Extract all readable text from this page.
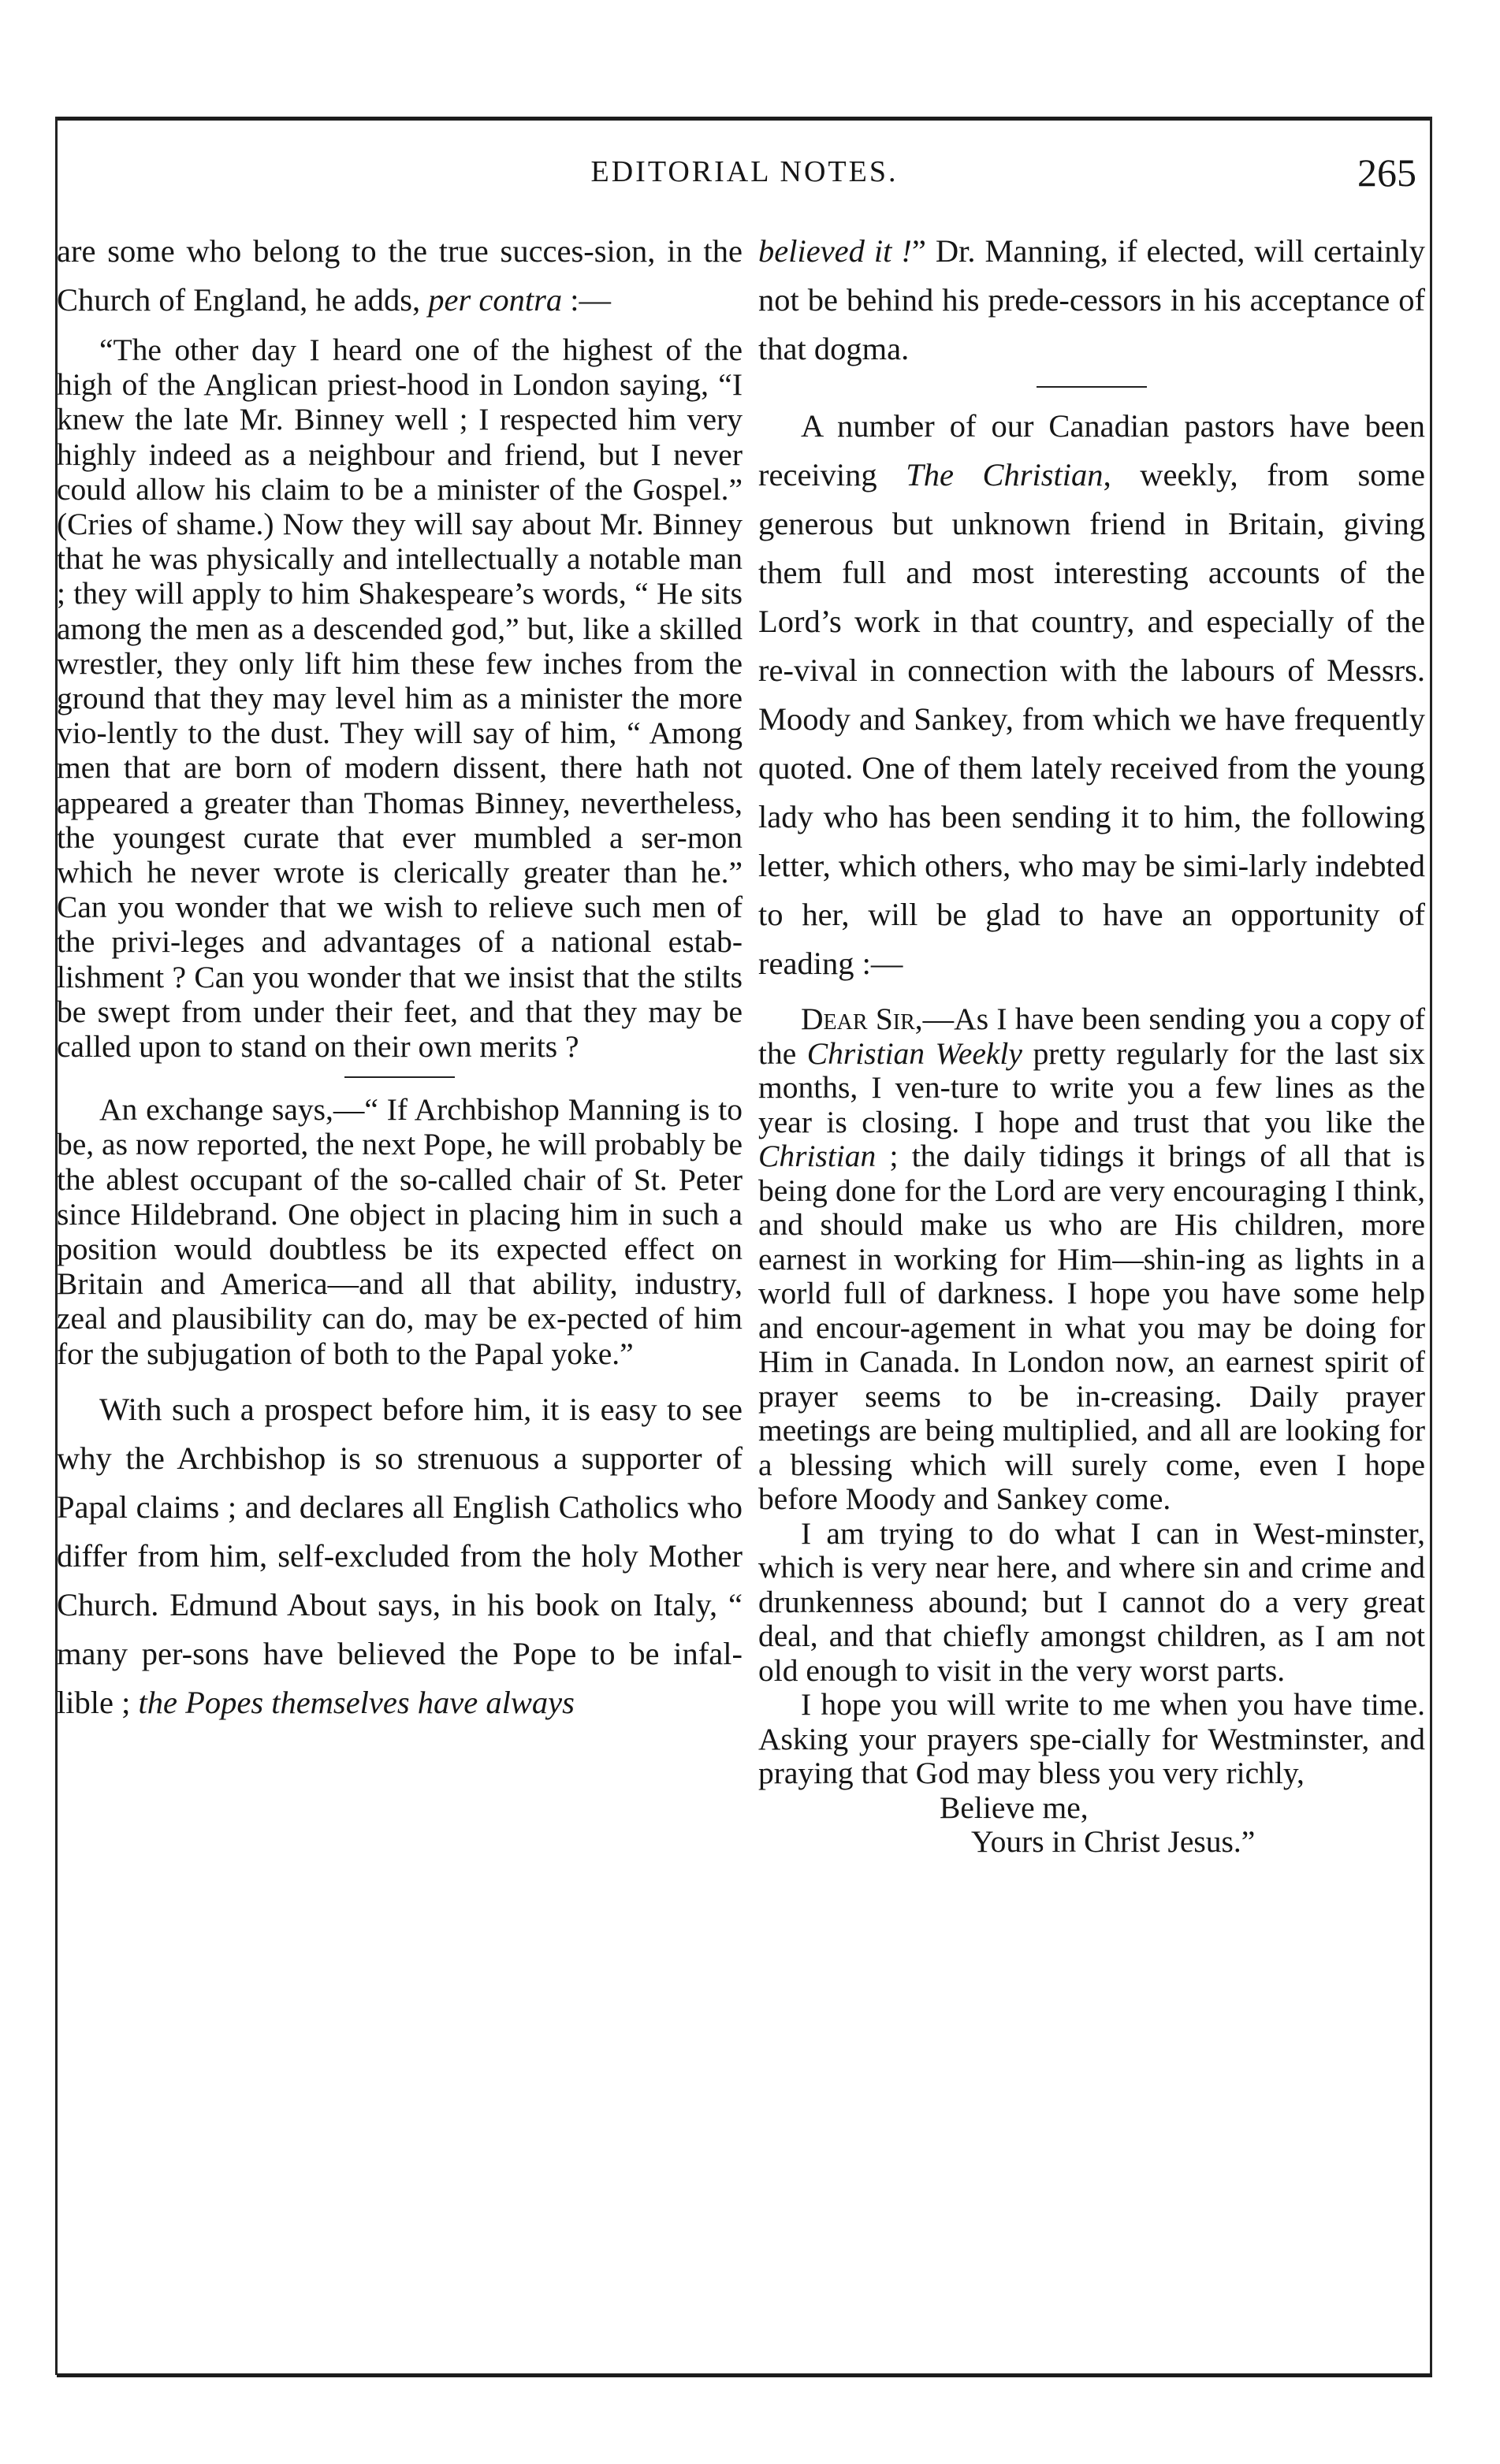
EDITORIAL NOTES.	265

are some who belong to the true succes-sion, in the Church of England, he adds, per contra :—

“The other day I heard one of the highest of the high of the Anglican priest-hood in London saying, “I knew the late Mr. Binney well ; I respected him very highly indeed as a neighbour and friend, but I never could allow his claim to be a minister of the Gospel.” (Cries of shame.) Now they will say about Mr. Binney that he was physically and intellectually a notable man ; they will apply to him Shakespeare’s words, “ He sits among the men as a descended god,” but, like a skilled wrestler, they only lift him these few inches from the ground that they may level him as a minister the more vio-lently to the dust. They will say of him, “ Among men that are born of modern dissent, there hath not appeared a greater than Thomas Binney, nevertheless, the youngest curate that ever mumbled a ser-mon which he never wrote is clerically greater than he.” Can you wonder that we wish to relieve such men of the privi-leges and advantages of a national estab-lishment ? Can you wonder that we insist that the stilts be swept from under their feet, and that they may be called upon to stand on their own merits ?

An exchange says,—“ If Archbishop Manning is to be, as now reported, the next Pope, he will probably be the ablest occupant of the so-called chair of St. Peter since Hildebrand. One object in placing him in such a position would doubtless be its expected effect on Britain and America—and all that ability, industry, zeal and plausibility can do, may be ex-pected of him for the subjugation of both to the Papal yoke.”

With such a prospect before him, it is easy to see why the Archbishop is so strenuous a supporter of Papal claims ; and declares all English Catholics who differ from him, self-excluded from the holy Mother Church. Edmund About says, in his book on Italy, “ many per-sons have believed the Pope to be infal-lible ; the Popes themselves have always

believed it !” Dr. Manning, if elected, will certainly not be behind his prede-cessors in his acceptance of that dogma.

A number of our Canadian pastors have been receiving The Christian, weekly, from some generous but unknown friend in Britain, giving them full and most interesting accounts of the Lord’s work in that country, and especially of the re-vival in connection with the labours of Messrs. Moody and Sankey, from which we have frequently quoted. One of them lately received from the young lady who has been sending it to him, the following letter, which others, who may be simi-larly indebted to her, will be glad to have an opportunity of reading :—

Dear Sir,—As I have been sending you a copy of the Christian Weekly pretty regularly for the last six months, I ven-ture to write you a few lines as the year is closing. I hope and trust that you like the Christian ; the daily tidings it brings of all that is being done for the Lord are very encouraging I think, and should make us who are His children, more earnest in working for Him—shin-ing as lights in a world full of darkness. I hope you have some help and encour-agement in what you may be doing for Him in Canada. In London now, an earnest spirit of prayer seems to be in-creasing. Daily prayer meetings are being multiplied, and all are looking for a blessing which will surely come, even I hope before Moody and Sankey come.

I am trying to do what I can in West-minster, which is very near here, and where sin and crime and drunkenness abound; but I cannot do a very great deal, and that chiefly amongst children, as I am not old enough to visit in the very worst parts.

I hope you will write to me when you have time. Asking your prayers spe-cially for Westminster, and praying that God may bless you very richly,

Believe me,

Yours in Christ Jesus.”
